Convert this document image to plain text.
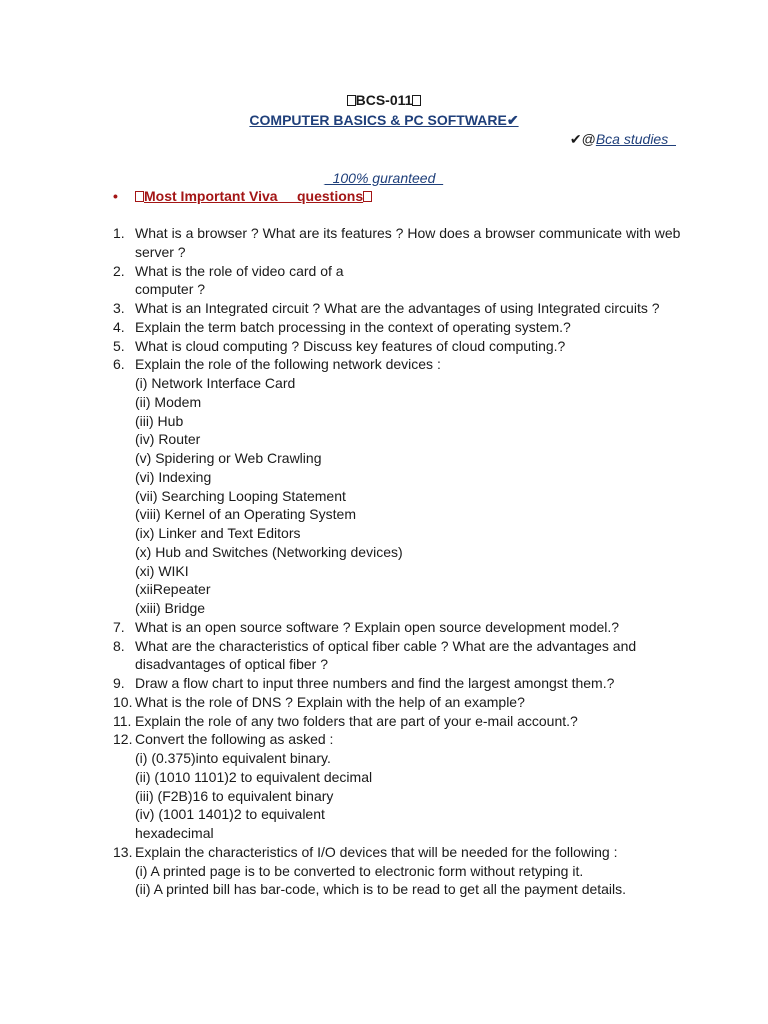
BCS-011
COMPUTER BASICS & PC SOFTWARE✔
✔@Bca studies
_100% guranteed_
• Most Important Viva     questions
1. What is a browser ? What are its features ? How does a browser communicate with web
server ?
2. What is the role of video card of a
computer ?
3. What is an Integrated circuit ? What are the advantages of using Integrated circuits ?
4. Explain the term batch processing in the context of operating system.?
5. What is cloud computing ? Discuss key features of cloud computing.?
6. Explain the role of the following network devices :
(i) Network Interface Card
(ii) Modem
(iii) Hub
(iv) Router
(v) Spidering or Web Crawling
(vi) Indexing
(vii) Searching Looping Statement
(viii) Kernel of an Operating System
(ix) Linker and Text Editors
(x) Hub and Switches (Networking devices)
(xi) WIKI
(xiiRepeater
(xiii) Bridge
7. What is an open source software ? Explain open source development model.?
8. What are the characteristics of optical fiber cable ? What are the advantages and
disadvantages of optical fiber ?
9. Draw a flow chart to input three numbers and find the largest amongst them.?
10. What is the role of DNS ? Explain with the help of an example?
11. Explain the role of any two folders that are part of your e-mail account.?
12. Convert the following as asked :
(i) (0.375)into equivalent binary.
(ii) (1010 1101)2 to equivalent decimal
(iii) (F2B)16 to equivalent binary
(iv) (1001 1401)2 to equivalent
hexadecimal
13. Explain the characteristics of I/O devices that will be needed for the following :
(i) A printed page is to be converted to electronic form without retyping it.
(ii) A printed bill has bar-code, which is to be read to get all the payment details.
